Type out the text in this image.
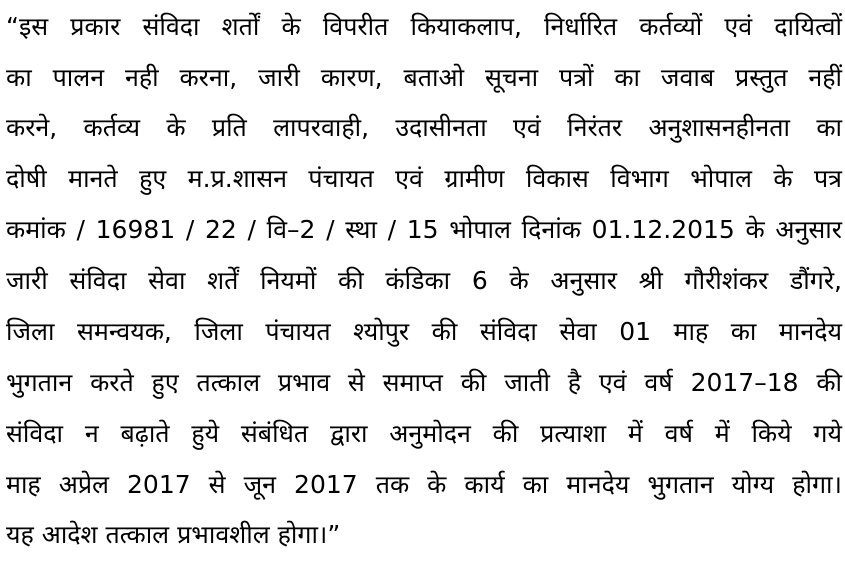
“इस प्रकार संविदा शर्तों के विपरीत कियाकलाप, निर्धारित कर्तव्यों एवं दायित्वों
का पालन नही करना, जारी कारण, बताओ सूचना पत्रों का जवाब प्रस्तुत नहीं
करने, कर्तव्य के प्रति लापरवाही, उदासीनता एवं निरंतर अनुशासनहीनता का
दोषी मानते हुए म.प्र.शासन पंचायत एवं ग्रामीण विकास विभाग भोपाल के पत्र
कमांक / 16981 / 22 / वि–2 / स्था / 15 भोपाल दिनांक 01.12.2015 के अनुसार
जारी संविदा सेवा शर्तें नियमों की कंडिका 6 के अनुसार श्री गौरीशंकर डौंगरे,
जिला समन्वयक, जिला पंचायत श्योपुर की संविदा सेवा 01 माह का मानदेय
भुगतान करते हुए तत्काल प्रभाव से समाप्त की जाती है एवं वर्ष 2017–18 की
संविदा न बढ़ाते हुये संबंधित द्वारा अनुमोदन की प्रत्याशा में वर्ष में किये गये
माह अप्रेल 2017 से जून 2017 तक के कार्य का मानदेय भुगतान योग्य होगा।
यह आदेश तत्काल प्रभावशील होगा।”
